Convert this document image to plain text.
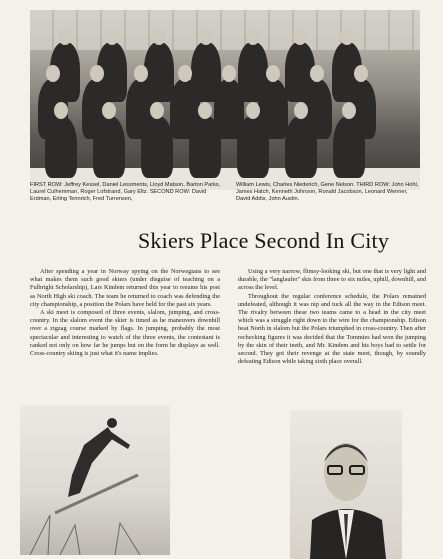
FIRST ROW: Jeffrey Kessel, Daniel Lessments, Lloyd Matson, Barton Parks, Laurel Culhemman, Roger Lofstrand, Gary Eltz. SECOND ROW: David Erdman, Erling Tennrich, Fred Turrensen,
William Lewis, Charles Niederich, Gene Nelson. THIRD ROW: John Hohl, James Hatch, Kenneth Johnson, Ronald Jacobson, Leonard Wenner, David Addis, John Austin.
Skiers Place Second In City

After spending a year in Norway spying on the Norwegians to see what makes them such good skiers (under disguise of teaching on a Fulbright Scholarship), Lars Kindem returned this year to resume his post as North High ski coach. The team he returned to coach was defending the city championship, a position the Polars have held for the past six years.

A ski meet is composed of three events, slalom, jumping, and cross-country. In the slalom event the skier is timed as he maneuvers downhill over a zigzag course marked by flags. In jumping, probably the most spectacular and interesting to watch of the three events, the contestant is ranked not only on how far he jumps but on the form he displays as well. Cross-country skiing is just what it's name implies.

Using a very narrow, flimsy-looking ski, but one that is very light and durable, the "langlaufer" skis from three to six miles, uphill, downhill, and across the level.

Throughout the regular conference schedule, the Polars remained undefeated, although it was nip and tuck all the way in the Edison meet. The rivalry between these two teams came to a head in the city meet which was a struggle right down to the wire for the championship. Edison beat North in slalom but the Polars triumphed in cross-country. Then after rechecking figures it was decided that the Tommies had won the jumping by the skin of their teeth, and Mr. Kindem and his boys had to settle for second. They got their revenge at the state meet, though, by soundly defeating Edison while taking sixth place overall.
